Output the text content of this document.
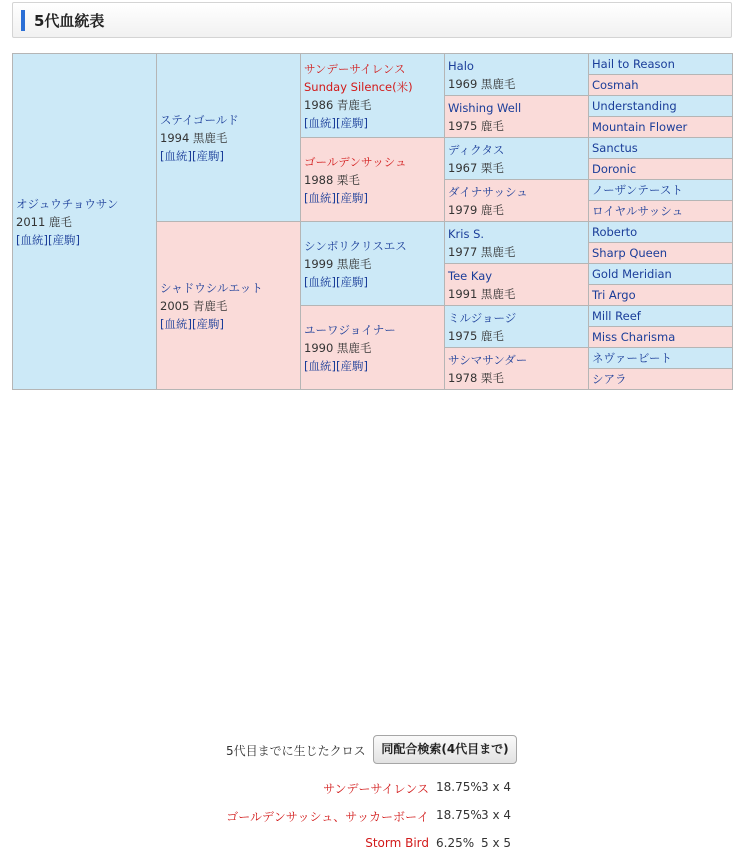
5代血統表
オジュウチョウサン
2011 鹿毛
[血統][産駒]	ステイゴールド
1994 黒鹿毛
[血統][産駒]	サンデーサイレンス
Sunday Silence(米)
1986 青鹿毛
[血統][産駒]	Halo
1969 黒鹿毛	Hail to Reason
				Cosmah
			Wishing Well
1975 鹿毛	Understanding
				Mountain Flower
		ゴールデンサッシュ
1988 栗毛
[血統][産駒]	ディクタス
1967 栗毛	Sanctus
				Doronic
			ダイナサッシュ
1979 鹿毛	ノーザンテースト
				ロイヤルサッシュ
	シャドウシルエット
2005 青鹿毛
[血統][産駒]	シンボリクリスエス
1999 黒鹿毛
[血統][産駒]	Kris S.
1977 黒鹿毛	Roberto
				Sharp Queen
			Tee Kay
1991 黒鹿毛	Gold Meridian
				Tri Argo
		ユーワジョイナー
1990 黒鹿毛
[血統][産駒]	ミルジョージ
1975 鹿毛	Mill Reef
				Miss Charisma
			サシマサンダー
1978 栗毛	ネヴァービート
				シアラ

5代目までに生じたクロス	同配合検索(4代目まで)
サンデーサイレンス 18.75% 3 x 4
ゴールデンサッシュ、サッカーボーイ 18.75% 3 x 4
Storm Bird 6.25% 5 x 5
